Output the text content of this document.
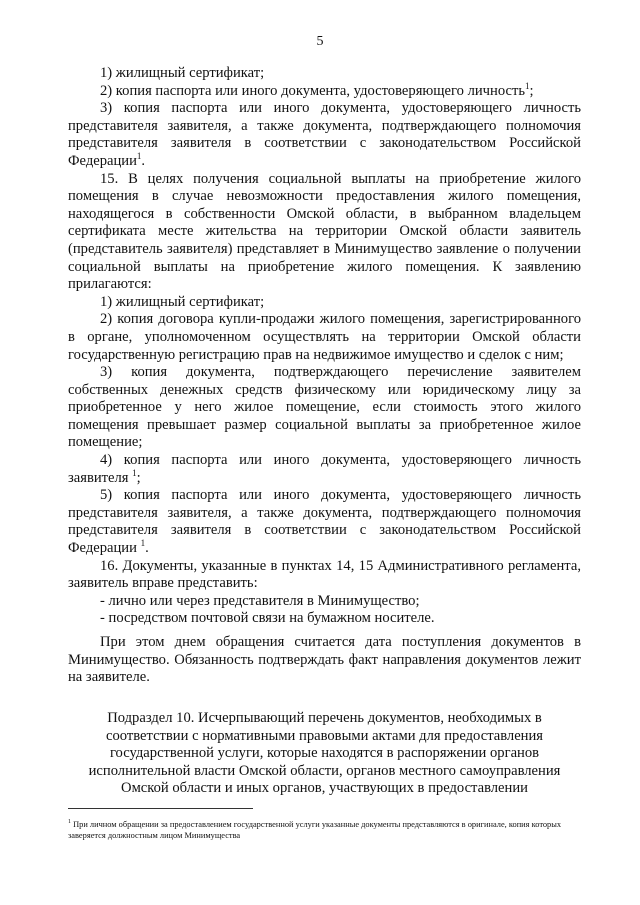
5

1) жилищный сертификат;

2) копия паспорта или иного документа, удостоверяющего личность$^1$;

3) копия паспорта или иного документа, удостоверяющего личность представителя заявителя, а также документа, подтверждающего полномочия представителя заявителя в соответствии с законодательством Российской Федерации$^1$.

15. В целях получения социальной выплаты на приобретение жилого помещения в случае невозможности предоставления жилого помещения, находящегося в собственности Омской области, в выбранном владельцем сертификата месте жительства на территории Омской области заявитель (представитель заявителя) представляет в Минимущество заявление о получении социальной выплаты на приобретение жилого помещения. К заявлению прилагаются:

1) жилищный сертификат;

2) копия договора купли-продажи жилого помещения, зарегистрированного в органе, уполномоченном осуществлять на территории Омской области государственную регистрацию прав на недвижимое имущество и сделок с ним;

3) копия документа, подтверждающего перечисление заявителем собственных денежных средств физическому или юридическому лицу за приобретенное у него жилое помещение, если стоимость этого жилого помещения превышает размер социальной выплаты за приобретенное жилое помещение;

4) копия паспорта или иного документа, удостоверяющего личность заявителя $^1$;

5) копия паспорта или иного документа, удостоверяющего личность представителя заявителя, а также документа, подтверждающего полномочия представителя заявителя в соответствии с законодательством Российской Федерации $^1$.

16. Документы, указанные в пунктах 14, 15 Административного регламента, заявитель вправе представить:

- лично или через представителя в Минимущество;

- посредством почтовой связи на бумажном носителе.

При этом днем обращения считается дата поступления документов в Минимущество. Обязанность подтверждать факт направления документов лежит на заявителе.

Подраздел 10. Исчерпывающий перечень документов, необходимых в
соответствии с нормативными правовыми актами для предоставления
государственной услуги, которые находятся в распоряжении органов
исполнительной власти Омской области, органов местного самоуправления
Омской области и иных органов, участвующих в предоставлении
$^1$ При личном обращении за предоставлением государственной услуги указанные документы представляются в оригинале, копия которых заверяется должностным лицом Минимущества
